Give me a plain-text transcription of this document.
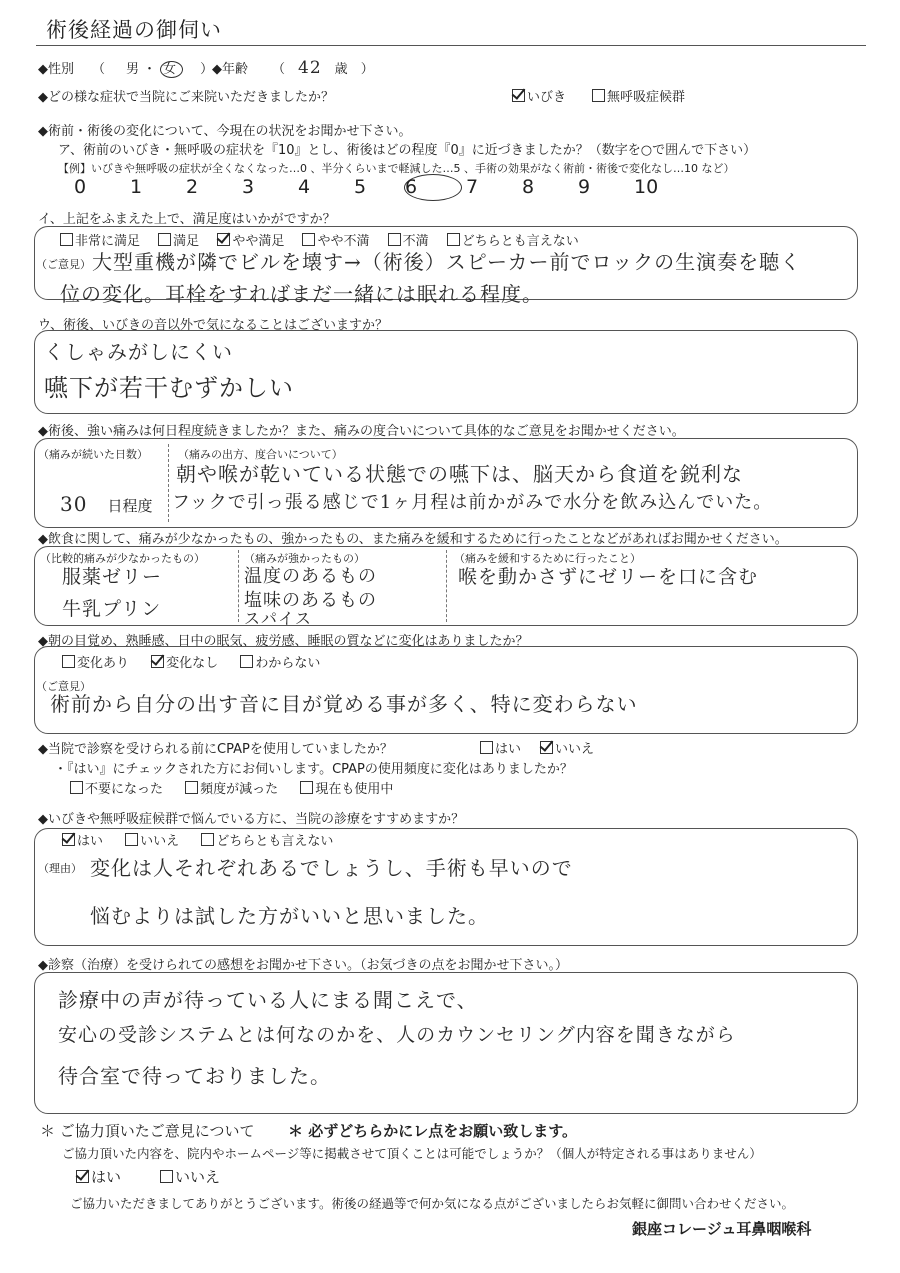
術後経過の御伺い
◆性別 （　男・ 女　）
◆年齢 （　42　 歳　）
◆どの様な症状で当院にご来院いただきましたか？	いびき	無呼吸症候群
◆術前・術後の変化について、今現在の状況をお聞かせ下さい。
ア、術前のいびき・無呼吸の症状を『10』とし、術後はどの程度『0』に近づきましたか？（数字を○で囲んで下さい）
【例】いびきや無呼吸の症状が全くなくなった…0 、半分くらいまで軽減した…5 、手術の効果がなく術前・術後で変化なし…10 など）
0 1 2 3 4 5 6	7 8 9 10
イ、上記をふまえた上で、満足度はいかがですか？
非常に満足	満足	やや満足	やや不満	不満	どちらとも言えない
（ご意見） 大型重機が隣でビルを壊す→（術後）スピーカー前でロックの生演奏を聴く
位の変化。耳栓をすればまだ一緒には眠れる程度。
ウ、術後、いびきの音以外で気になることはございますか？
くしゃみがしにくい
嚥下が若干むずかしい
◆術後、強い痛みは何日程度続きましたか？また、痛みの度合いについて具体的なご意見をお聞かせください。
（痛みが続いた日数）
30 日程度
（痛みの出方、度合いについて）
朝や喉が乾いている状態での嚥下は、脳天から食道を鋭利な
フックで引っ張る感じで1ヶ月程は前かがみで水分を飲み込んでいた。
◆飲食に関して、痛みが少なかったもの、強かったもの、また痛みを緩和するために行ったことなどがあればお聞かせください。
（比較的痛みが少なかったもの）
服薬ゼリー
牛乳プリン
（痛みが強かったもの）
温度のあるもの
塩味のあるもの
スパイス
（痛みを緩和するために行ったこと）
喉を動かさずにゼリーを口に含む
◆朝の目覚め、熟睡感、日中の眠気、疲労感、睡眠の質などに変化はありましたか？
変化あり	変化なし	わからない
（ご意見）
術前から自分の出す音に目が覚める事が多く、特に変わらない
◆当院で診察を受けられる前にCPAPを使用していましたか？	はい	いいえ
・『はい』にチェックされた方にお伺いします。CPAPの使用頻度に変化はありましたか？
不要になった	頻度が減った	現在も使用中
◆いびきや無呼吸症候群で悩んでいる方に、当院の診療をすすめますか？
はい	いいえ	どちらとも言えない
（理由） 変化は人それぞれあるでしょうし、手術も早いので
悩むよりは試した方がいいと思いました。
◆診察（治療）を受けられての感想をお聞かせ下さい。（お気づきの点をお聞かせ下さい。）
診療中の声が待っている人にまる聞こえで、
安心の受診システムとは何なのかを、人のカウンセリング内容を聞きながら
待合室で待っておりました。
＊ ご協力頂いたご意見について ＊ 必ずどちらかにレ点をお願い致します。
ご協力頂いた内容を、院内やホームページ等に掲載させて頂くことは可能でしょうか？（個人が特定される事はありません）
はい	いいえ
ご協力いただきましてありがとうございます。術後の経過等で何か気になる点がございましたらお気軽に御問い合わせください。
銀座コレージュ耳鼻咽喉科
